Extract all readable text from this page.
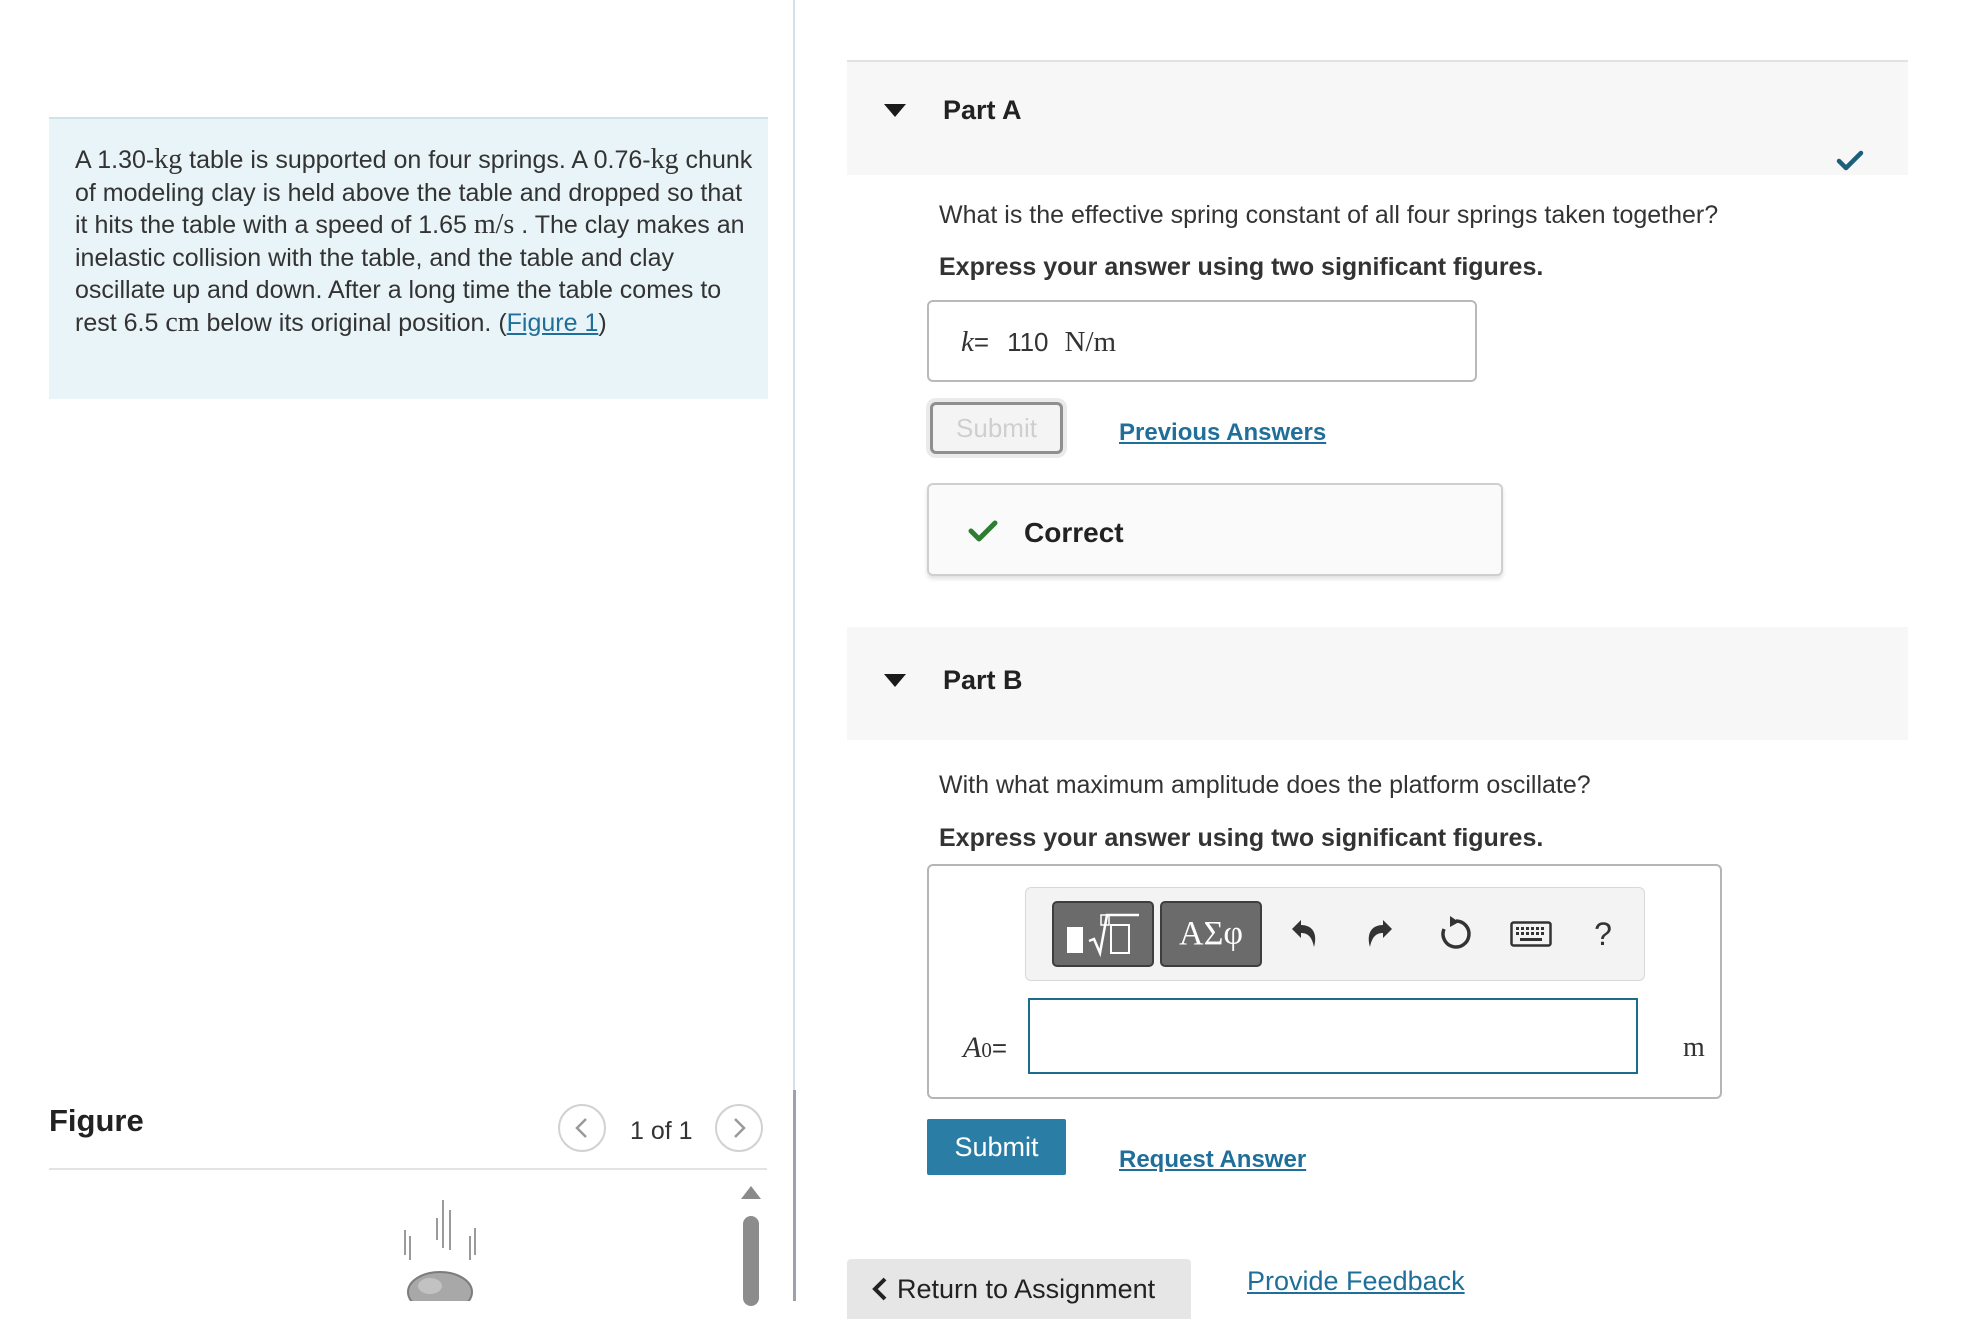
A 1.30-kg table is supported on four springs. A 0.76-kg chunk of modeling clay is held above the table and dropped so that it hits the table with a speed of 1.65 m/s . The clay makes an inelastic collision with the table, and the table and clay oscillate up and down. After a long time the table comes to rest 6.5 cm below its original position. (Figure 1)
Figure	1 of 1
Part A
What is the effective spring constant of all four springs taken together?
Express your answer using two significant figures.
k = 110 N/m
Submit	Previous Answers
Correct
Part B
With what maximum amplitude does the platform oscillate?
Express your answer using two significant figures.
ΑΣφ	?
A 0 =	m
Submit	Request Answer
Return to Assignment	Provide Feedback
